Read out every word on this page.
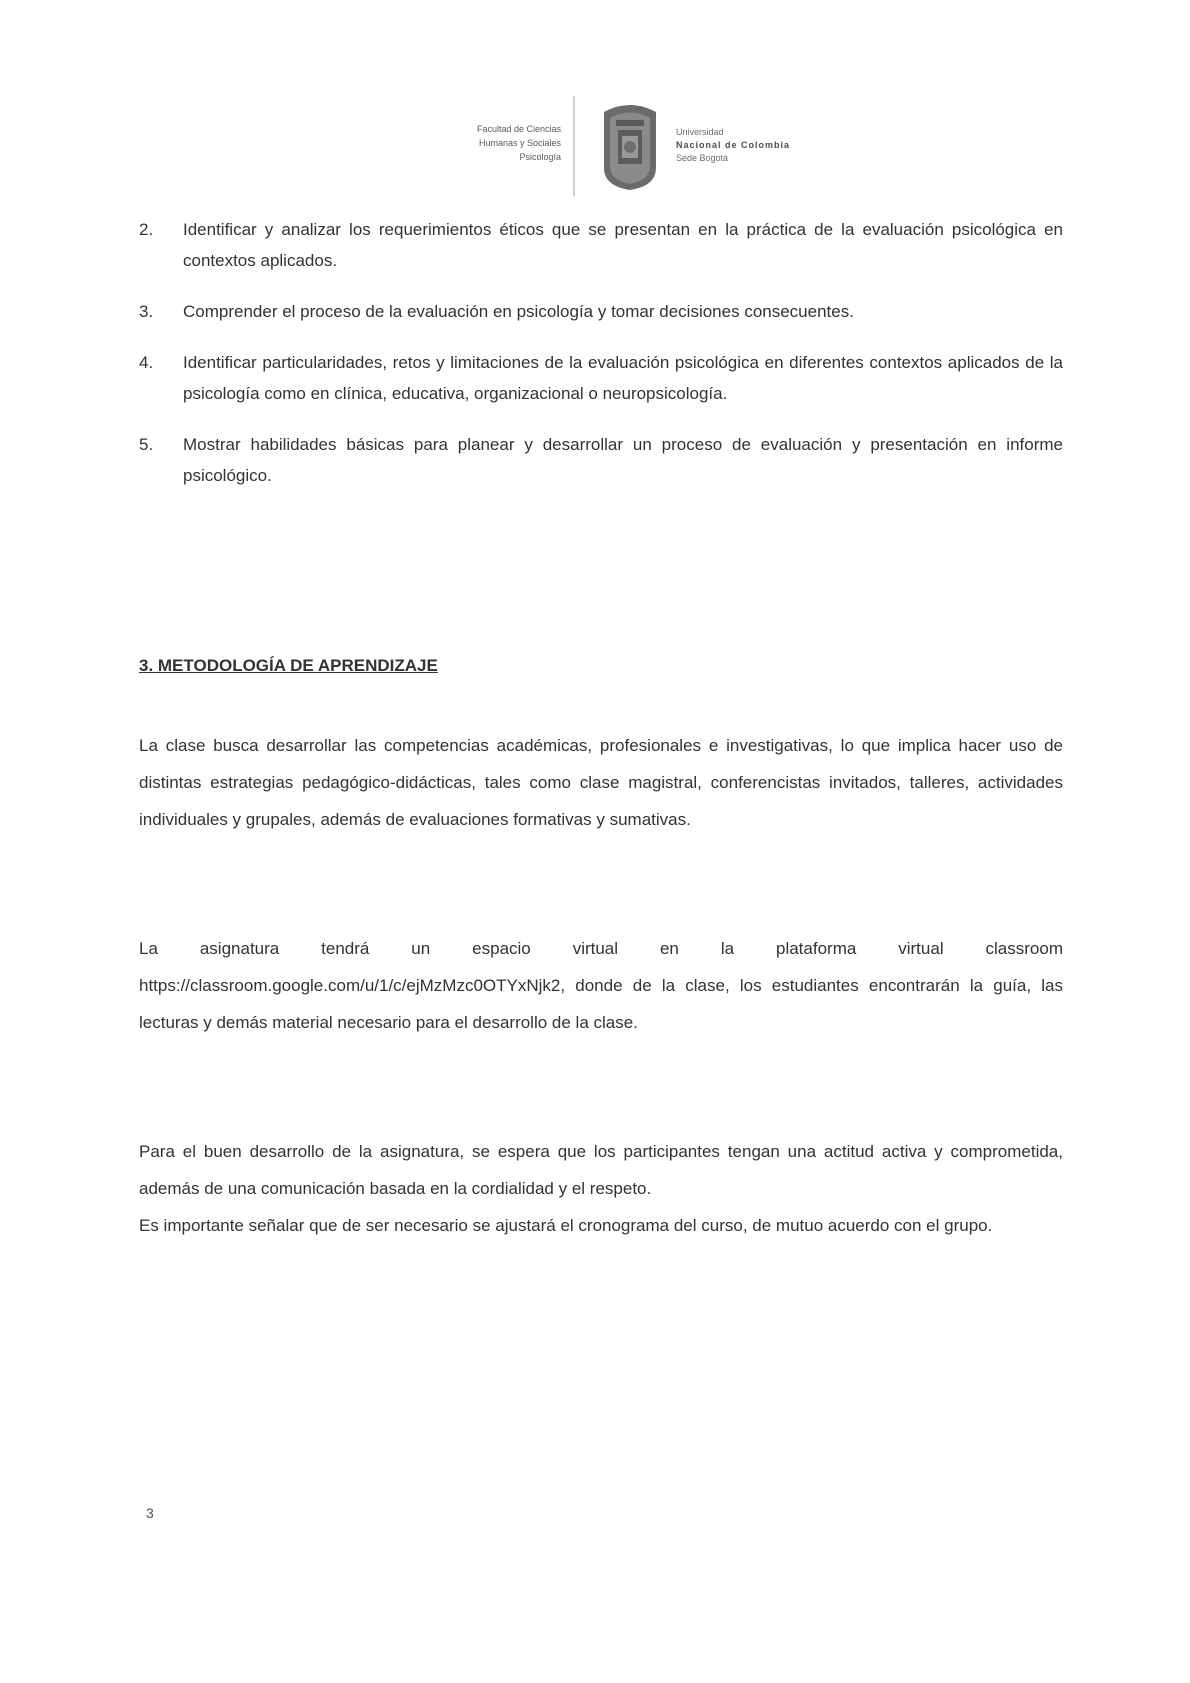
Facultad de Ciencias
Humanas y Sociales
Psicología
Universidad
Nacional de Colombia
Sede Bogotá
2. Identificar y analizar los requerimientos éticos que se presentan en la práctica de la evaluación psicológica en contextos aplicados.
3. Comprender el proceso de la evaluación en psicología y tomar decisiones consecuentes.
4. Identificar particularidades, retos y limitaciones de la evaluación psicológica en diferentes contextos aplicados de la psicología como en clínica, educativa, organizacional o neuropsicología.
5. Mostrar habilidades básicas para planear y desarrollar un proceso de evaluación y presentación en informe psicológico.
3. METODOLOGÍA DE APRENDIZAJE

La clase busca desarrollar las competencias académicas, profesionales e investigativas, lo que implica hacer uso de distintas estrategias pedagógico-didácticas, tales como clase magistral, conferencistas invitados, talleres, actividades individuales y grupales, además de evaluaciones formativas y sumativas.

La asignatura tendrá un espacio virtual en la plataforma virtual classroom https://classroom.google.com/u/1/c/ejMzMzc0OTYxNjk2, donde de la clase, los estudiantes encontrarán la guía, las lecturas y demás material necesario para el desarrollo de la clase.

Para el buen desarrollo de la asignatura, se espera que los participantes tengan una actitud activa y comprometida, además de una comunicación basada en la cordialidad y el respeto.
Es importante señalar que de ser necesario se ajustará el cronograma del curso, de mutuo acuerdo con el grupo.

3
